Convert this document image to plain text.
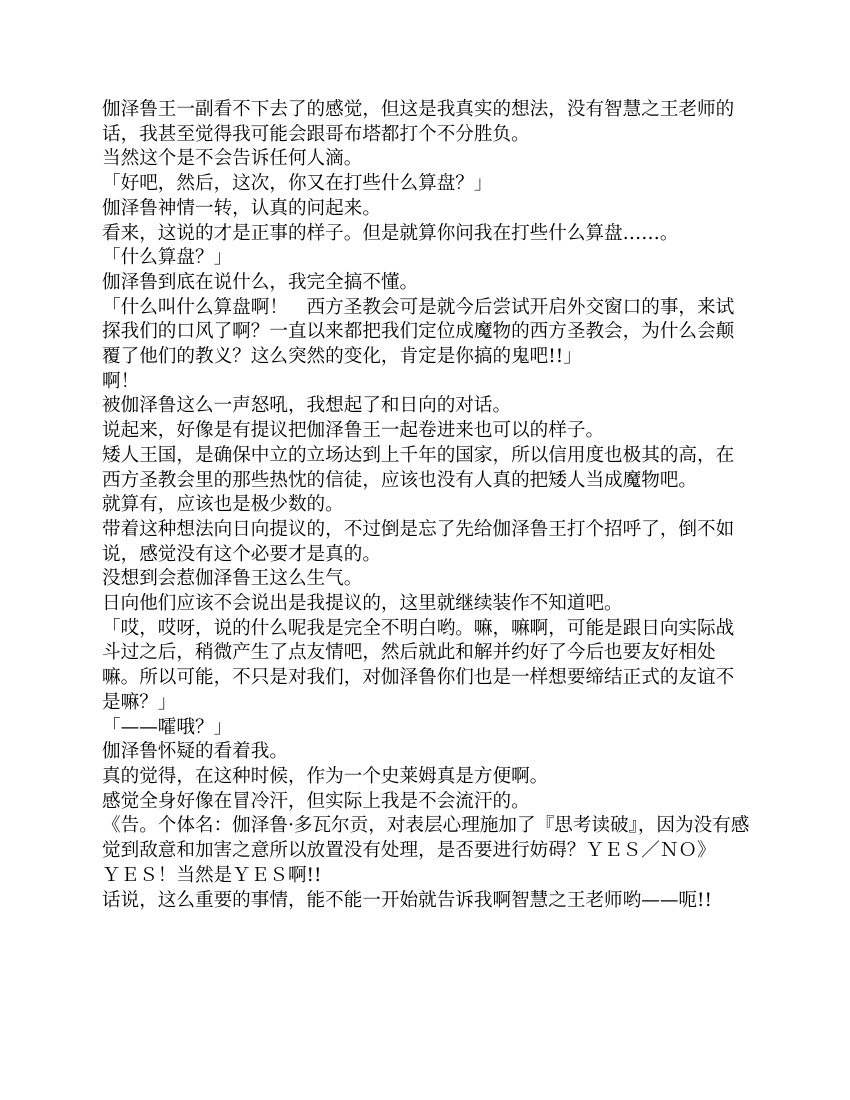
伽泽鲁王一副看不下去了的感觉，但这是我真实的想法，没有智慧之王老师的话，我甚至觉得我可能会跟哥布塔都打个不分胜负。

当然这个是不会告诉任何人滴。

「好吧，然后，这次，你又在打些什么算盘？」

伽泽鲁神情一转，认真的问起来。

看来，这说的才是正事的样子。但是就算你问我在打些什么算盘……。

「什么算盘？」

伽泽鲁到底在说什么，我完全搞不懂。

「什么叫什么算盘啊！　西方圣教会可是就今后尝试开启外交窗口的事，来试探我们的口风了啊？一直以来都把我们定位成魔物的西方圣教会，为什么会颠覆了他们的教义？这么突然的变化，肯定是你搞的鬼吧!!」

啊！

被伽泽鲁这么一声怒吼，我想起了和日向的对话。

说起来，好像是有提议把伽泽鲁王一起卷进来也可以的样子。

矮人王国，是确保中立的立场达到上千年的国家，所以信用度也极其的高，在西方圣教会里的那些热忱的信徒，应该也没有人真的把矮人当成魔物吧。

就算有，应该也是极少数的。

带着这种想法向日向提议的，不过倒是忘了先给伽泽鲁王打个招呼了，倒不如说，感觉没有这个必要才是真的。

没想到会惹伽泽鲁王这么生气。

日向他们应该不会说出是我提议的，这里就继续装作不知道吧。

「哎，哎呀，说的什么呢我是完全不明白哟。嘛，嘛啊，可能是跟日向实际战斗过之后，稍微产生了点友情吧，然后就此和解并约好了今后也要友好相处嘛。所以可能，不只是对我们，对伽泽鲁你们也是一样想要缔结正式的友谊不是嘛？」

「——嚯哦？」

伽泽鲁怀疑的看着我。

真的觉得，在这种时候，作为一个史莱姆真是方便啊。

感觉全身好像在冒冷汗，但实际上我是不会流汗的。

《告。个体名：伽泽鲁·多瓦尔贡，对表层心理施加了『思考读破』，因为没有感觉到敌意和加害之意所以放置没有处理，是否要进行妨碍？ＹＥＳ／ＮＯ》

ＹＥＳ！当然是ＹＥＳ啊!!

话说，这么重要的事情，能不能一开始就告诉我啊智慧之王老师哟——呃!!
